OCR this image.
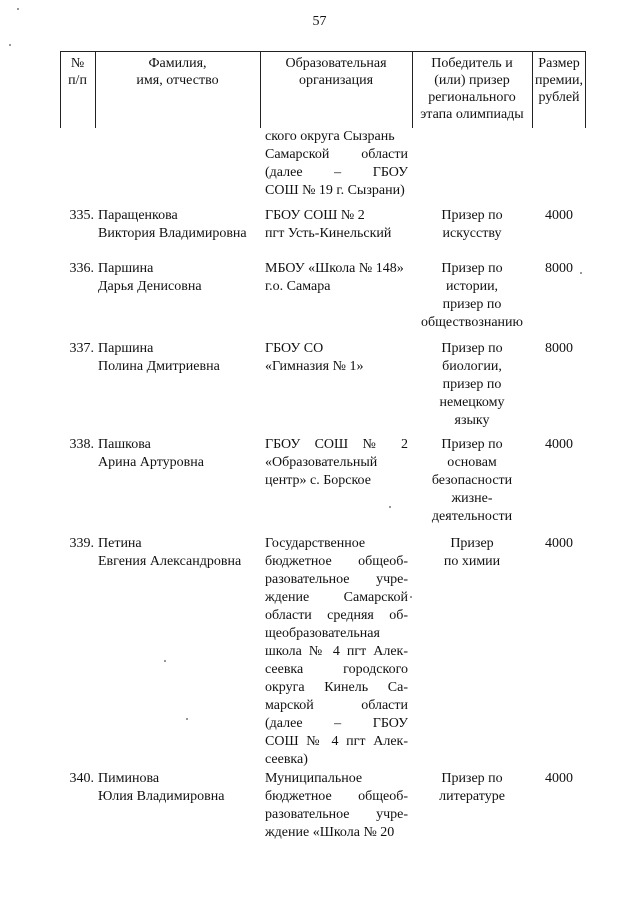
57
№ п/п
Фамилия, имя, отчество
Образовательная организация
Победитель и (или) призер регионального этапа олимпиады
Размер премии, рублей
ского округа Сызрань
Самарской области
(далее – ГБОУ
СОШ № 19 г. Сызрани)
335. Паращенкова
Виктория Владимировна
ГБОУ СОШ № 2
пгт Усть-Кинельский
Призер по
искусству
4000
336. Паршина
Дарья Денисовна
МБОУ «Школа № 148»
г.о. Самара
Призер по
истории,
призер по
обществознанию
8000
337. Паршина
Полина Дмитриевна
ГБОУ СО
«Гимназия № 1»
Призер по
биологии,
призер по
немецкому
языку
8000
338. Пашкова
Арина Артуровна
ГБОУ СОШ № 2
«Образовательный
центр» с. Борское
Призер по
основам
безопасности
жизне-
деятельности
4000
339. Петина
Евгения Александровна
Государственное
бюджетное общеоб-
разовательное учре-
ждение Самарской
области средняя об-
щеобразовательная
школа № 4 пгт Алек-
сеевка городского
округа Кинель Са-
марской области
(далее – ГБОУ
СОШ № 4 пгт Алек-
сеевка)
Призер
по химии
4000
340. Пиминова
Юлия Владимировна
Муниципальное
бюджетное общеоб-
разовательное учре-
ждение «Школа № 20
Призер по
литературе
4000
